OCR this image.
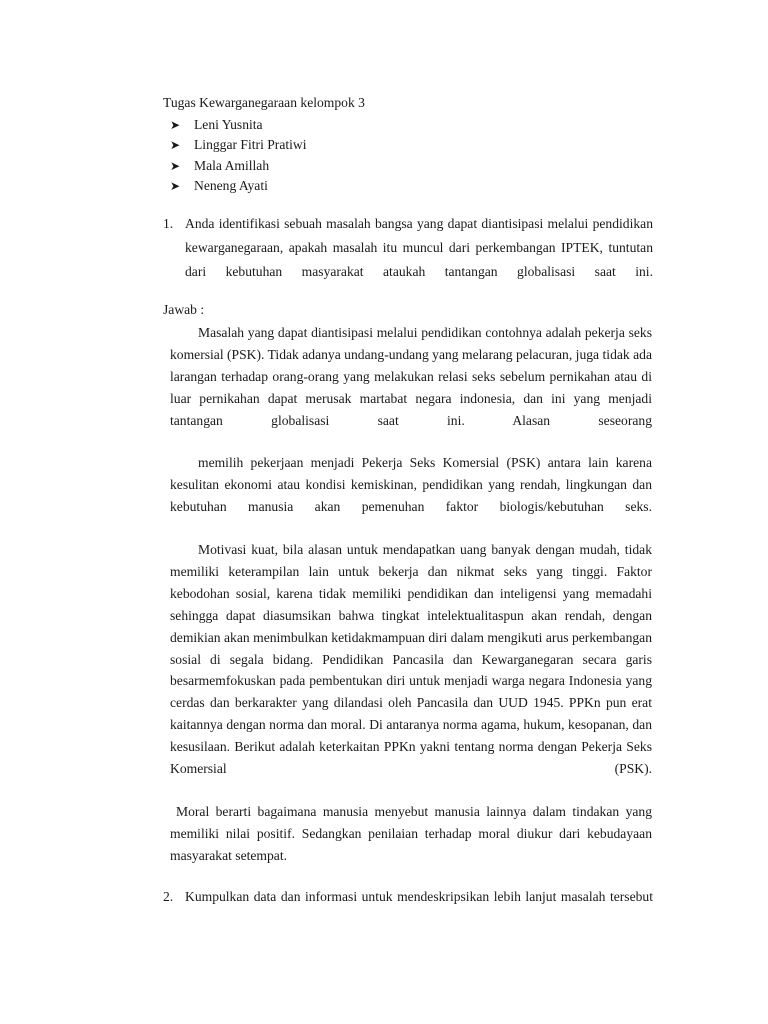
Tugas Kewarganegaraan kelompok 3
➤ Leni Yusnita
➤ Linggar Fitri Pratiwi
➤ Mala Amillah
➤ Neneng Ayati
1. Anda identifikasi sebuah masalah bangsa yang dapat diantisipasi melalui pendidikan kewarganegaraan, apakah masalah itu muncul dari perkembangan IPTEK, tuntutan dari kebutuhan masyarakat ataukah tantangan globalisasi saat ini.
Jawab :
Masalah yang dapat diantisipasi melalui pendidikan contohnya adalah pekerja seks komersial (PSK). Tidak adanya undang-undang yang melarang pelacuran, juga tidak ada larangan terhadap orang-orang yang melakukan relasi seks sebelum pernikahan atau di luar pernikahan dapat merusak martabat negara indonesia, dan ini yang menjadi tantangan globalisasi saat ini. Alasan seseorang
memilih pekerjaan menjadi Pekerja Seks Komersial (PSK) antara lain karena kesulitan ekonomi atau kondisi kemiskinan, pendidikan yang rendah, lingkungan dan kebutuhan manusia akan pemenuhan faktor biologis/kebutuhan seks.
Motivasi kuat, bila alasan untuk mendapatkan uang banyak dengan mudah, tidak memiliki keterampilan lain untuk bekerja dan nikmat seks yang tinggi. Faktor kebodohan sosial, karena tidak memiliki pendidikan dan inteligensi yang memadahi sehingga dapat diasumsikan bahwa tingkat intelektualitaspun akan rendah, dengan demikian akan menimbulkan ketidakmampuan diri dalam mengikuti arus perkembangan sosial di segala bidang. Pendidikan Pancasila dan Kewarganegaran secara garis besarmemfokuskan pada pembentukan diri untuk menjadi warga negara Indonesia yang cerdas dan berkarakter yang dilandasi oleh Pancasila dan UUD 1945. PPKn pun erat kaitannya dengan norma dan moral. Di antaranya norma agama, hukum, kesopanan, dan kesusilaan. Berikut adalah keterkaitan PPKn yakni tentang norma dengan Pekerja Seks Komersial (PSK).
Moral berarti bagaimana manusia menyebut manusia lainnya dalam tindakan yang memiliki nilai positif. Sedangkan penilaian terhadap moral diukur dari kebudayaan masyarakat setempat.
2. Kumpulkan data dan informasi untuk mendeskripsikan lebih lanjut masalah tersebut
